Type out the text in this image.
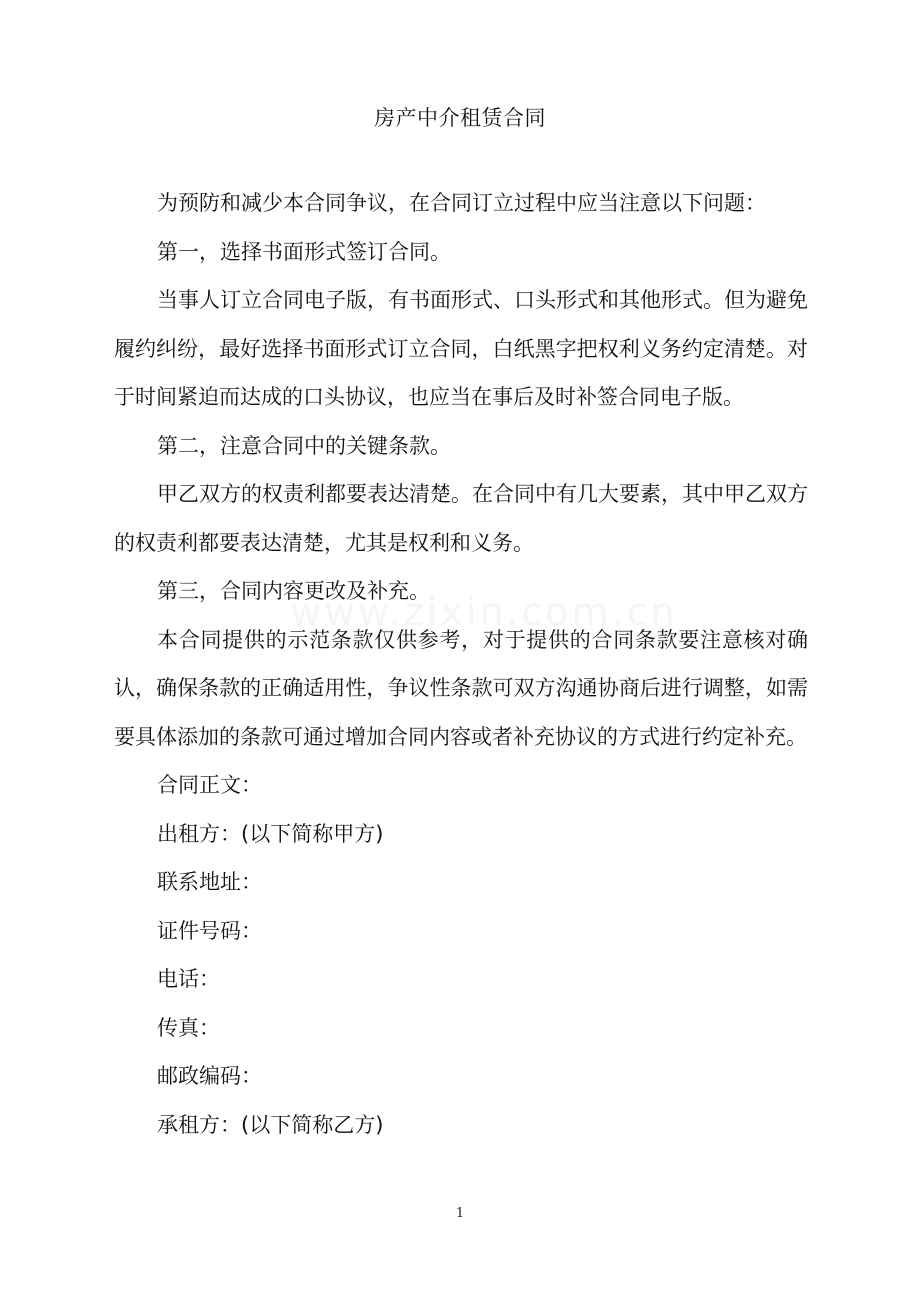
房产中介租赁合同

为预防和减少本合同争议，在合同订立过程中应当注意以下问题：

第一，选择书面形式签订合同。

当事人订立合同电子版，有书面形式、口头形式和其他形式。但为避免履约纠纷，最好选择书面形式订立合同，白纸黑字把权利义务约定清楚。对于时间紧迫而达成的口头协议，也应当在事后及时补签合同电子版。

第二，注意合同中的关键条款。

甲乙双方的权责利都要表达清楚。在合同中有几大要素，其中甲乙双方的权责利都要表达清楚，尤其是权利和义务。

第三，合同内容更改及补充。

本合同提供的示范条款仅供参考，对于提供的合同条款要注意核对确认，确保条款的正确适用性，争议性条款可双方沟通协商后进行调整，如需要具体添加的条款可通过增加合同内容或者补充协议的方式进行约定补充。

合同正文：

出租方：(以下简称甲方)

联系地址：

证件号码：

电话：

传真：

邮政编码：

承租方：(以下简称乙方)

www.zixin.com.cn
1
